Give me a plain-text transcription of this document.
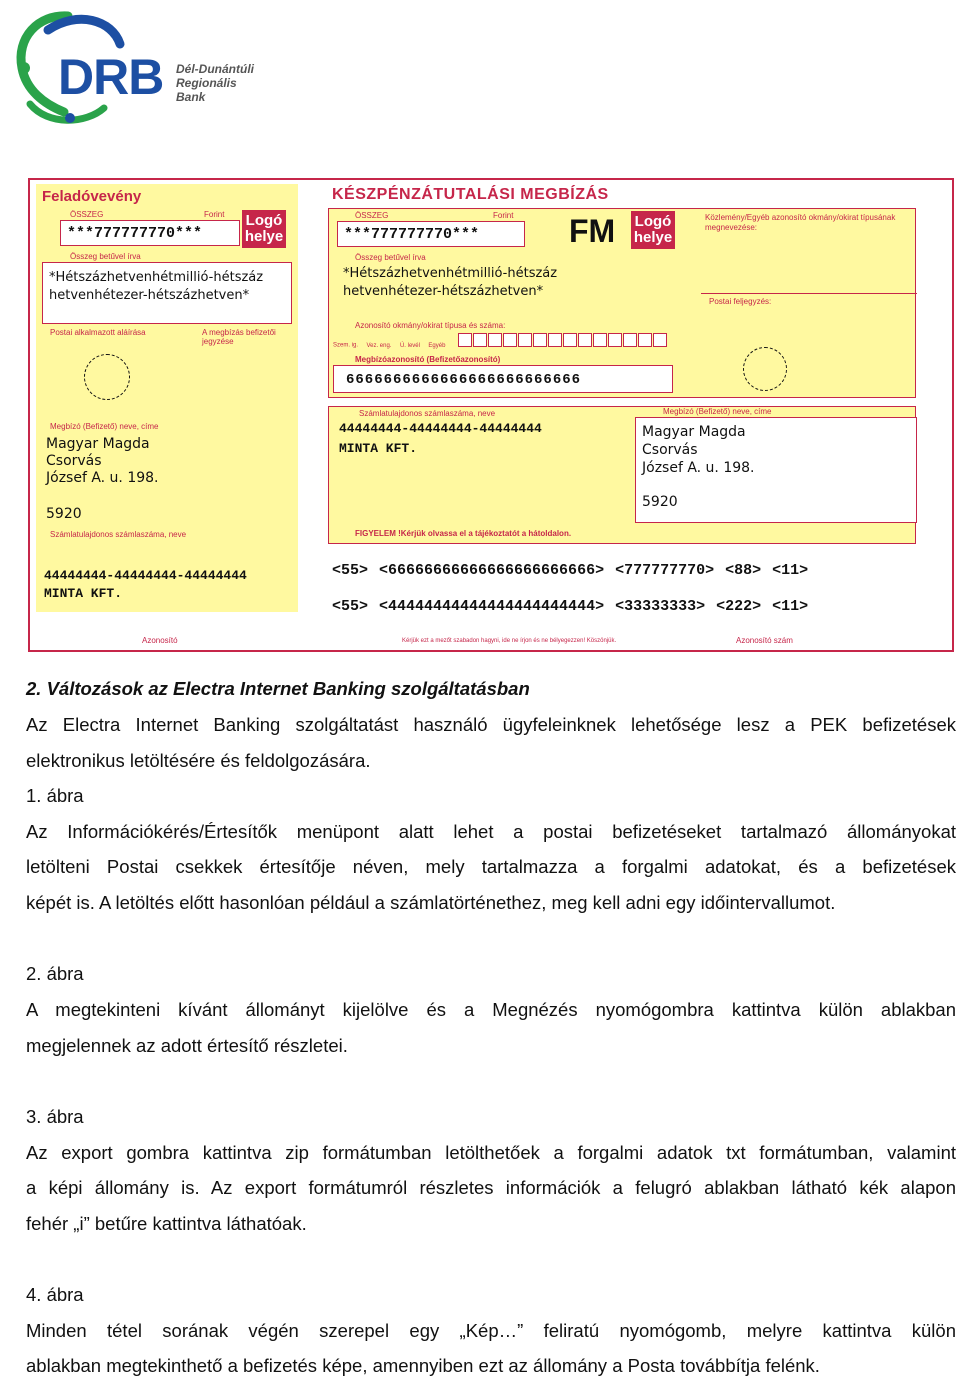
DRB Dél-Dunántúli
Regionális
Bank
Feladóvevény
ÖSSZEG	Forint
***777777770***
Logó helye
Összeg betűvel írva
*Hétszázhetvenhétmillió-hétszáz hetvenhétezer-hétszázhetven*
Postai alkalmazott aláírása	A megbízás befizetői jegyzése
Megbízó (Befizető) neve, címe
Magyar Magda
Csorvás
József A. u. 198.
5920
Számlatulajdonos számlaszáma, neve
44444444-44444444-44444444
MINTA KFT.
Azonosító
KÉSZPÉNZÁTUTALÁSI MEGBÍZÁS
ÖSSZEG	Forint
***777777770***	FM Logó helye
Közlemény/Egyéb azonosító okmány/okirat típusának megnevezése:
Összeg betűvel írva
*Hétszázhetvenhétmillió-hétszáz hetvenhétezer-hétszázhetven*
Postai feljegyzés:
Azonosító okmány/okirat típusa és száma:
Szem. ig. Vez. eng. Ú. levél Egyéb
Megbízóazonosító (Befizetőazonosító)
6666666666666666666666666
Számlatulajdonos számlaszáma, neve
44444444-44444444-44444444
MINTA KFT.
Megbízó (Befizető) neve, címe
Magyar Magda
Csorvás
József A. u. 198.
5920
FIGYELEM !Kérjük olvassa el a tájékoztatót a hátoldalon.
<55> <66666666666666666666666> <777777770> <88> <11>
<55> <44444444444444444444444> <33333333> <222> <11>
Kérjük ezt a mezőt szabadon hagyni, ide ne írjon és ne bélyegezzen! Köszönjük.	Azonosító szám
2. Változások az Electra Internet Banking szolgáltatásban
Az Electra Internet Banking szolgáltatást használó ügyfeleinknek lehetősége lesz a PEK befizetések
elektronikus letöltésére és feldolgozására.
1. ábra
Az Információkérés/Értesítők menüpont alatt lehet a postai befizetéseket tartalmazó állományokat
letölteni Postai csekkek értesítője néven, mely tartalmazza a forgalmi adatokat, és a befizetések
képét is. A letöltés előtt hasonlóan például a számlatörténethez, meg kell adni egy időintervallumot.
2. ábra
A megtekinteni kívánt állományt kijelölve és a Megnézés nyomógombra kattintva külön ablakban
megjelennek az adott értesítő részletei.
3. ábra
Az export gombra kattintva zip formátumban letölthetőek a forgalmi adatok txt formátumban, valamint
a képi állomány is. Az export formátumról részletes információk a felugró ablakban látható kék alapon
fehér „i” betűre kattintva láthatóak.
4. ábra
Minden tétel sorának végén szerepel egy „Kép…” feliratú nyomógomb, melyre kattintva külön
ablakban megtekinthető a befizetés képe, amennyiben ezt az állomány a Posta továbbítja felénk.
